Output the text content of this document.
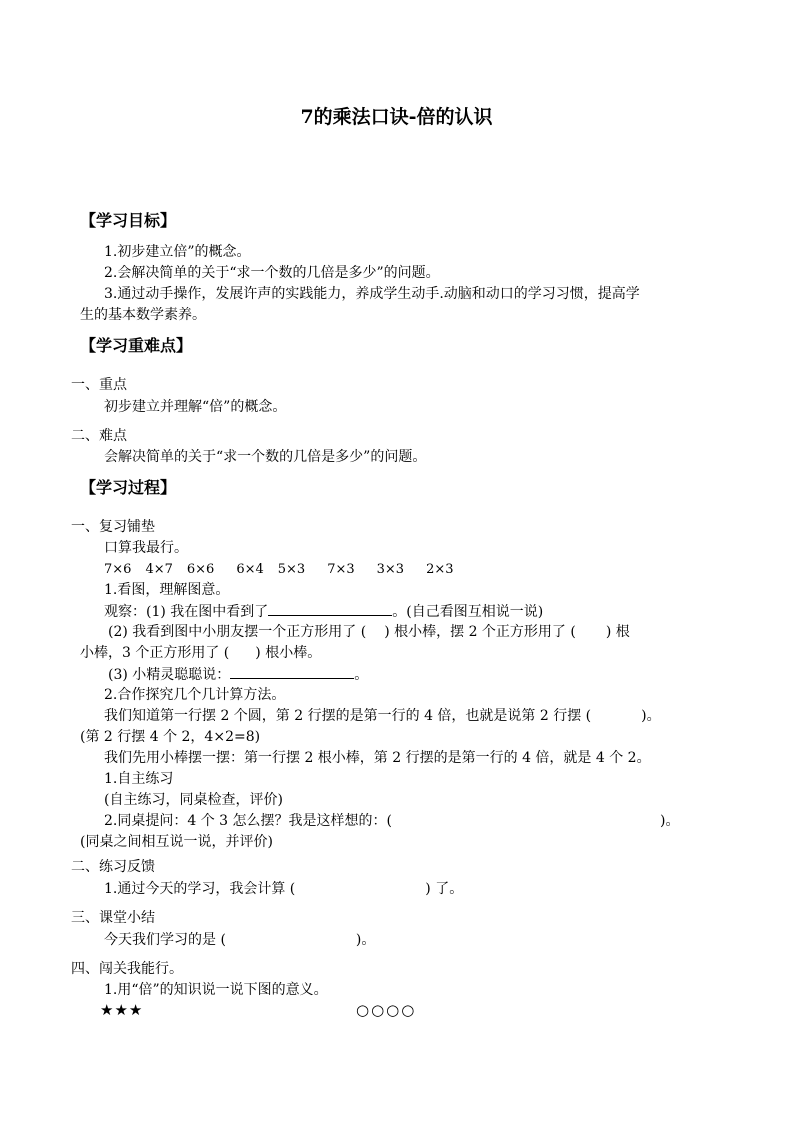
7的乘法口诀-倍的认识
【学习目标】
1.初步建立倍”的概念。
2.会解决简单的关于“求一个数的几倍是多少”的问题。
3.通过动手操作，发展许声的实践能力，养成学生动手.动脑和动口的学习习惯，提高学
生的基本数学素养。
【学习重难点】
一、重点
初步建立并理解“倍”的概念。
二、难点
会解决简单的关于“求一个数的几倍是多少”的问题。
【学习过程】
一、复习铺垫
口算我最行。
7×6 4×7 6×6 6×4 5×3 7×3 3×3 2×3
1.看图，理解图意。
观察：(1) 我在图中看到了	。(自己看图互相说一说)
(2) 我看到图中小朋友摆一个正方形用了 ( ) 根小棒，摆 2 个正方形用了 ( ) 根
小棒，3 个正方形用了 ( ) 根小棒。
(3) 小精灵聪聪说：	。
2.合作探究几个几计算方法。
我们知道第一行摆 2 个圆，第 2 行摆的是第一行的 4 倍，也就是说第 2 行摆 (	)。
(第 2 行摆 4 个 2，4×2=8)
我们先用小棒摆一摆：第一行摆 2 根小棒，第 2 行摆的是第一行的 4 倍，就是 4 个 2。
1.自主练习
(自主练习，同桌检查，评价)
2.同桌提问：4 个 3 怎么摆？我是这样想的：(	)。
(同桌之间相互说一说，并评价)
二、练习反馈
1.通过今天的学习，我会计算 (	) 了。
三、课堂小结
今天我们学习的是 (	)。
四、闯关我能行。
1.用“倍”的知识说一说下图的意义。
★★★	○○○○
